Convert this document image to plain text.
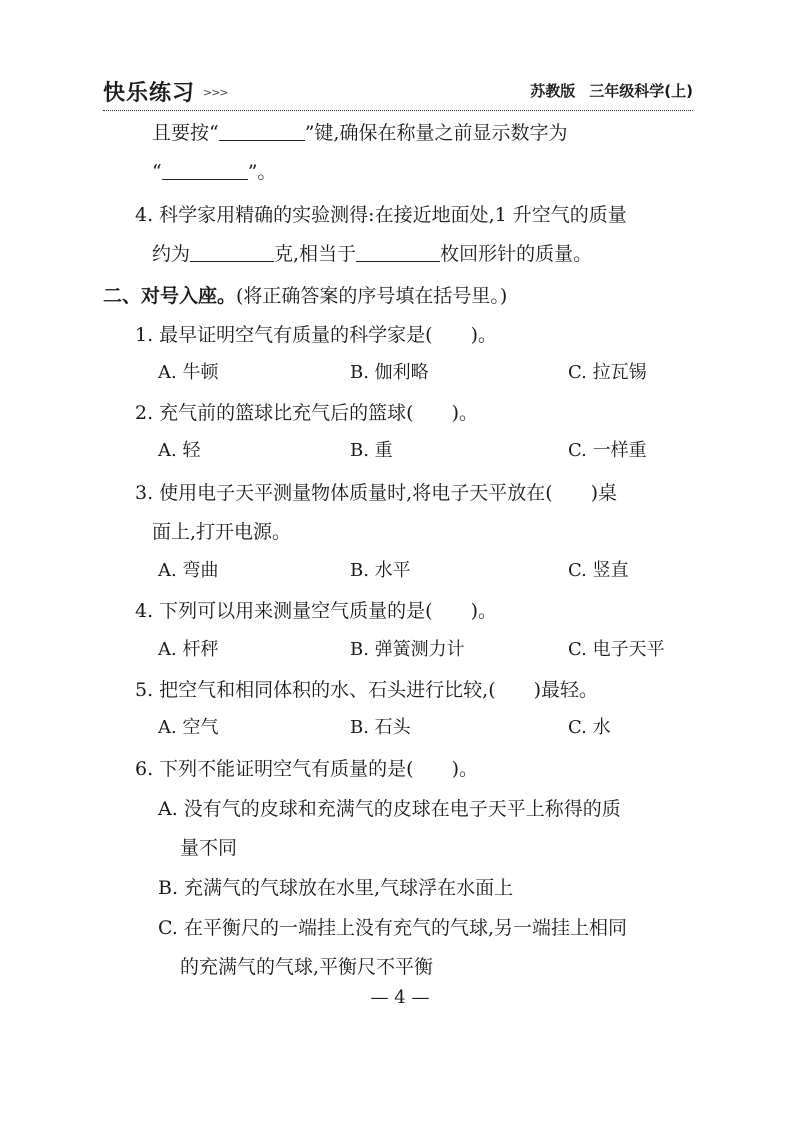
快乐练习 >>>	苏教版 三年级科学(上)
且要按“	”键,确保在称量之前显示数字为
“	”。
4. 科学家用精确的实验测得:在接近地面处,1 升空气的质量
约为	克,相当于	枚回形针的质量。
二、对号入座。(将正确答案的序号填在括号里。)
1. 最早证明空气有质量的科学家是(　　)。
A. 牛顿	B. 伽利略	C. 拉瓦锡
2. 充气前的篮球比充气后的篮球(　　)。
A. 轻	B. 重	C. 一样重
3. 使用电子天平测量物体质量时,将电子天平放在(　　)桌
面上,打开电源。
A. 弯曲	B. 水平	C. 竖直
4. 下列可以用来测量空气质量的是(　　)。
A. 杆秤	B. 弹簧测力计	C. 电子天平
5. 把空气和相同体积的水、石头进行比较,(　　)最轻。
A. 空气	B. 石头	C. 水
6. 下列不能证明空气有质量的是(　　)。
A. 没有气的皮球和充满气的皮球在电子天平上称得的质
量不同
B. 充满气的气球放在水里,气球浮在水面上
C. 在平衡尺的一端挂上没有充气的气球,另一端挂上相同
的充满气的气球,平衡尺不平衡
— 4 —
